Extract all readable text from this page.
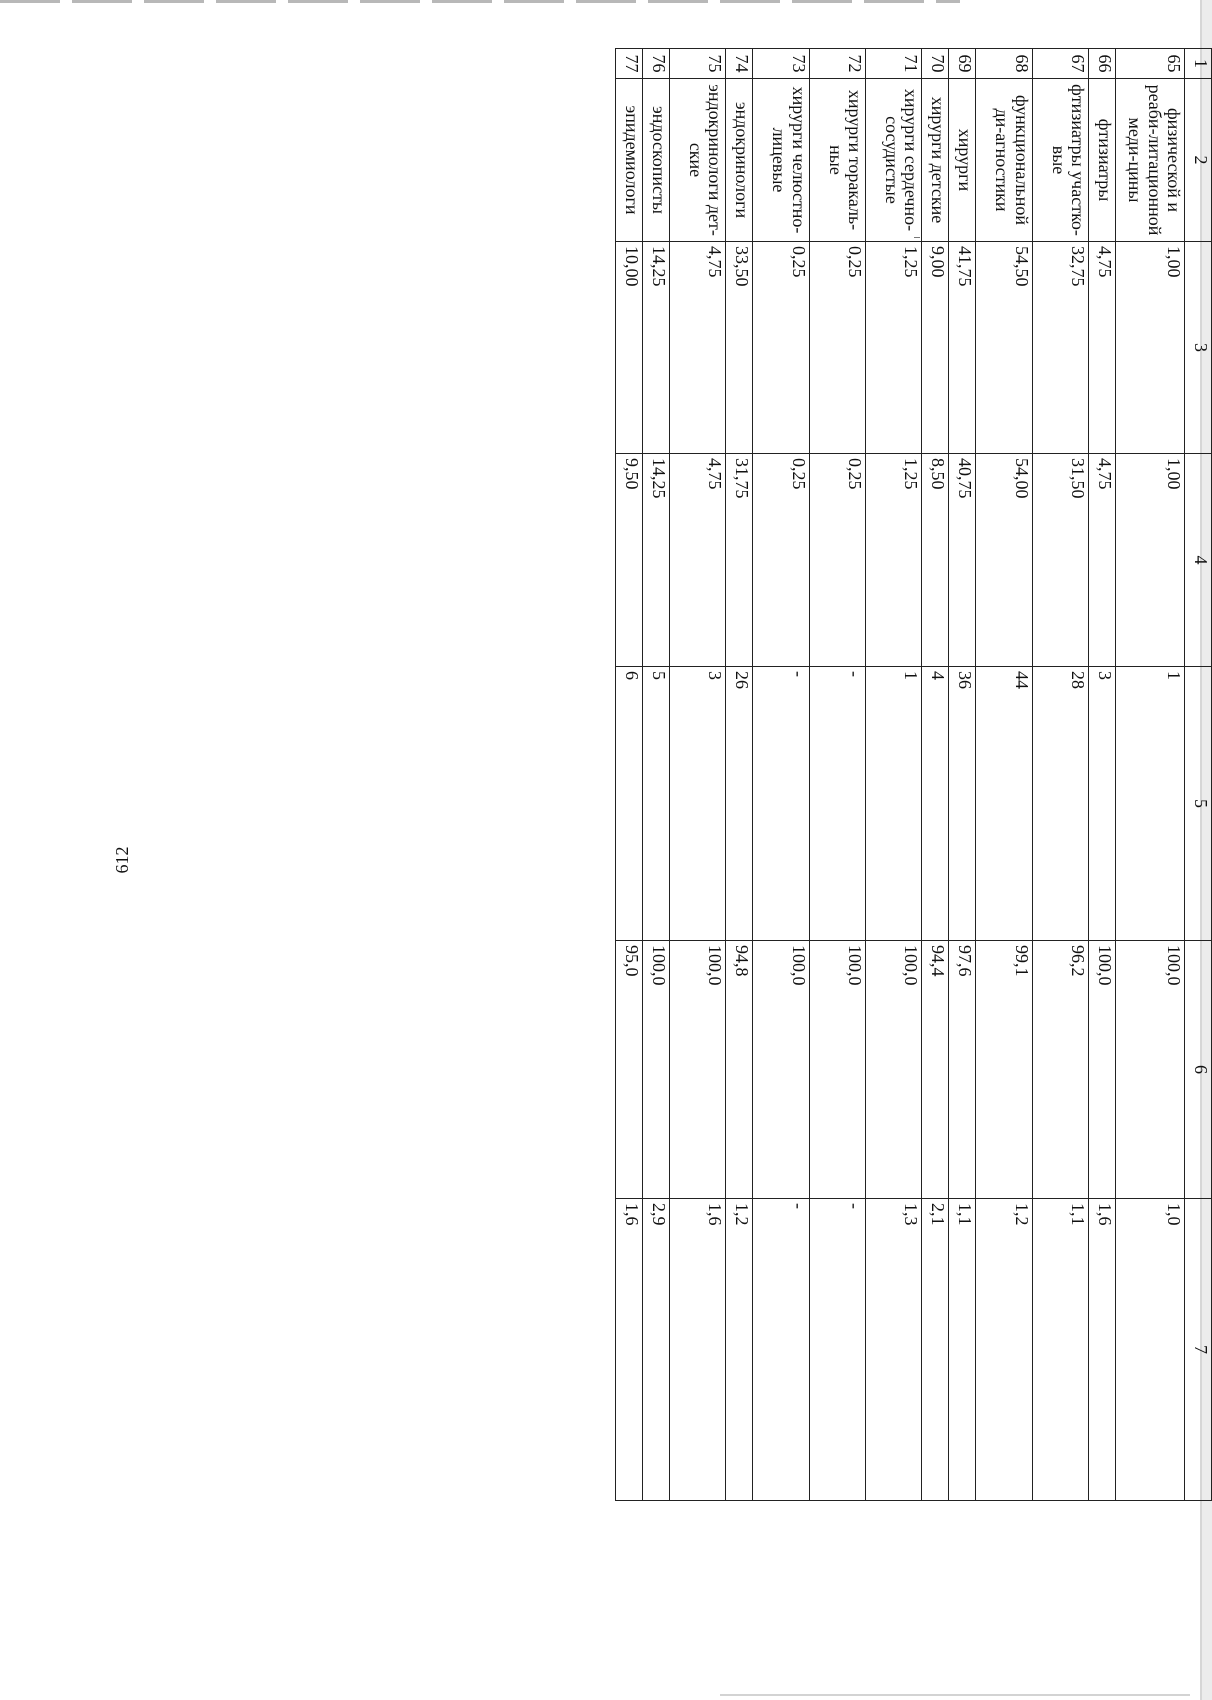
612
1	2	3	4	5	6	7
65	физической и реаби-литационной меди-цины	1,00	1,00	1	100,0	1,0
66	фтизиатры	4,75	4,75	3	100,0	1,6
67	фтизиатры участко-вые	32,75	31,50	28	96,2	1,1
68	функциональной ди-агностики	54,50	54,00	44	99,1	1,2
69	хирурги	41,75	40,75	36	97,6	1,1
70	хирурги детские	9,00	8,50	4	94,4	2,1
71	хирурги сердечно-сосудистые	1,25	1,25	1	100,0	1,3
72	хирурги торакаль-ные	0,25	0,25	-	100,0	-
73	хирурги челюстно-лицевые	0,25	0,25	-	100,0	-
74	эндокринологи	33,50	31,75	26	94,8	1,2
75	эндокринологи дет-ские	4,75	4,75	3	100,0	1,6
76	эндоскописты	14,25	14,25	5	100,0	2,9
77	эпидемиологи	10,00	9,50	6	95,0	1,6
